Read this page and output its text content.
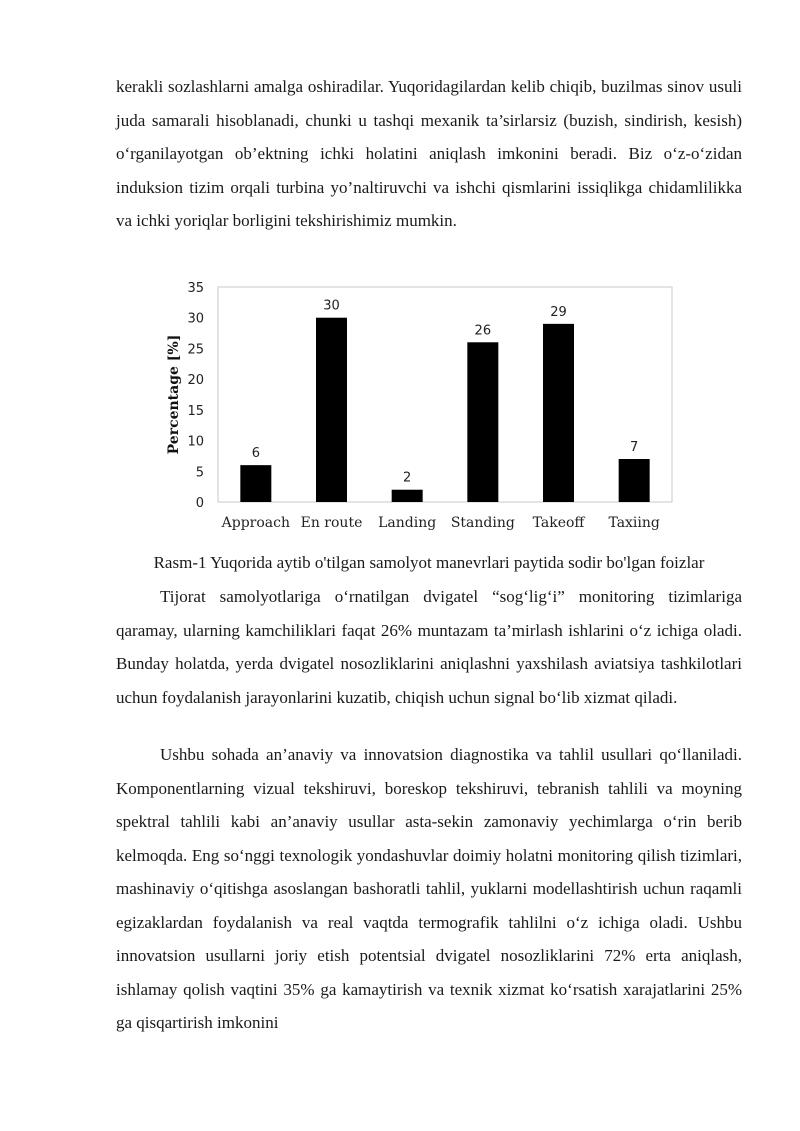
kerakli sozlashlarni amalga oshiradilar. Yuqoridagilardan kelib chiqib, buzilmas sinov usuli juda samarali hisoblanadi, chunki u tashqi mexanik ta’sirlarsiz (buzish, sindirish, kesish) o‘rganilayotgan ob’ektning ichki holatini aniqlash imkonini beradi. Biz o‘z-o‘zidan induksion tizim orqali turbina yo’naltiruvchi va ishchi qismlarini issiqlikga chidamlilikka va ichki yoriqlar borligini tekshirishimiz mumkin.

0
5
10
15
20
25
30
35
Percentage [%]	6
Approach
30
En route
2
Landing
26
Standing
29
Takeoff
7
Taxiing

Rasm-1 Yuqorida aytib o'tilgan samolyot manevrlari paytida sodir bo'lgan foizlar

Tijorat samolyotlariga o‘rnatilgan dvigatel “sog‘lig‘i” monitoring tizimlariga qaramay, ularning kamchiliklari faqat 26% muntazam ta’mirlash ishlarini o‘z ichiga oladi. Bunday holatda, yerda dvigatel nosozliklarini aniqlashni yaxshilash aviatsiya tashkilotlari uchun foydalanish jarayonlarini kuzatib, chiqish uchun signal bo‘lib xizmat qiladi.

Ushbu sohada an’anaviy va innovatsion diagnostika va tahlil usullari qo‘llaniladi. Komponentlarning vizual tekshiruvi, boreskop tekshiruvi, tebranish tahlili va moyning spektral tahlili kabi an’anaviy usullar asta-sekin zamonaviy yechimlarga o‘rin berib kelmoqda. Eng so‘nggi texnologik yondashuvlar doimiy holatni monitoring qilish tizimlari, mashinaviy o‘qitishga asoslangan bashoratli tahlil, yuklarni modellashtirish uchun raqamli egizaklardan foydalanish va real vaqtda termografik tahlilni o‘z ichiga oladi. Ushbu innovatsion usullarni joriy etish potentsial dvigatel nosozliklarini 72% erta aniqlash, ishlamay qolish vaqtini 35% ga kamaytirish va texnik xizmat ko‘rsatish xarajatlarini 25% ga qisqartirish imkonini
